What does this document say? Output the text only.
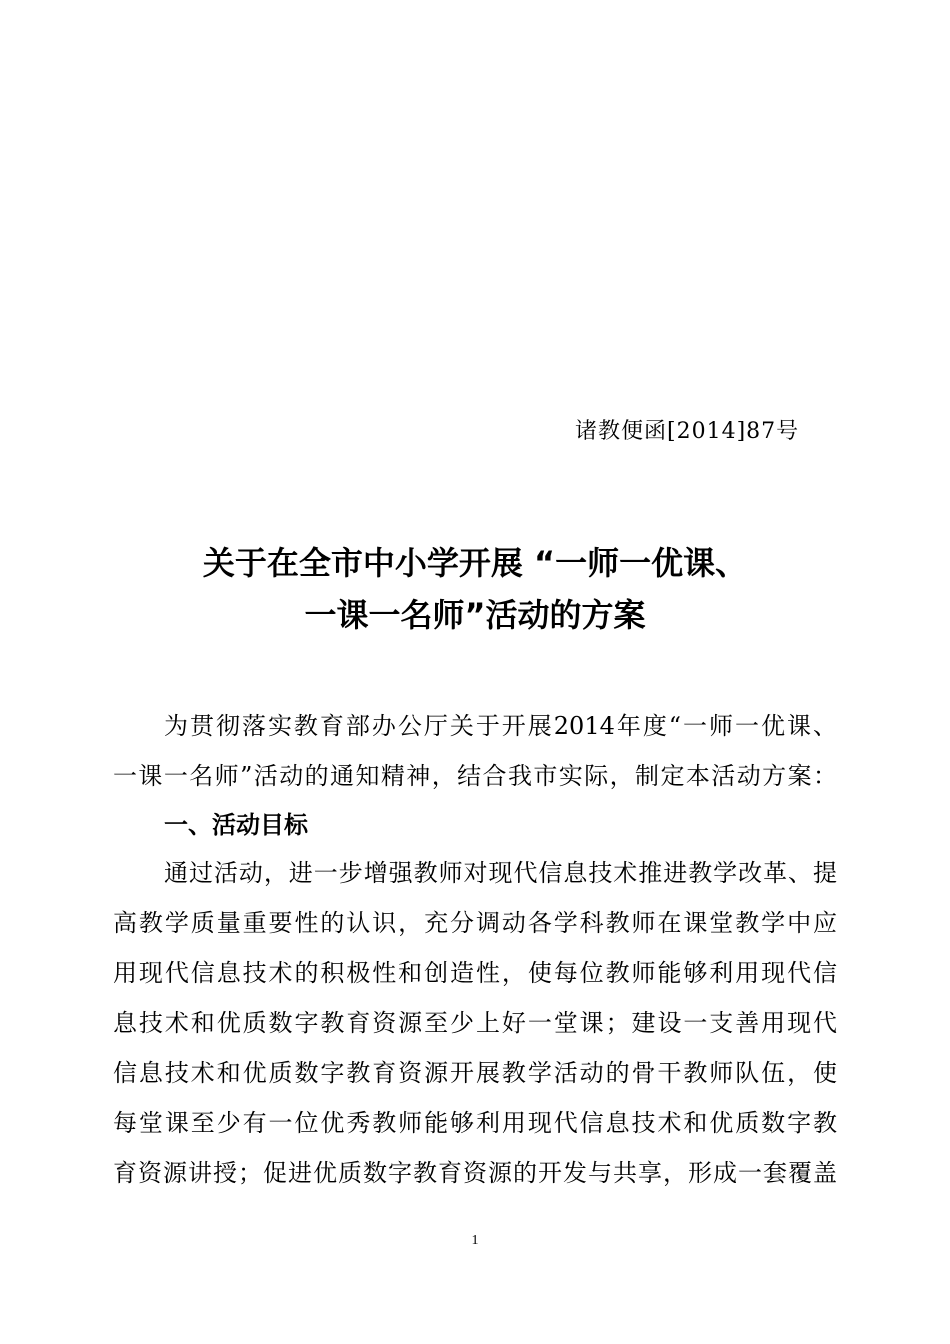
诸教便函[2014]87号
关于在全市中小学开展 “一师一优课、
一课一名师”活动的方案
为贯彻落实教育部办公厅关于开展2014年度“一师一优课、
一课一名师”活动的通知精神，结合我市实际，制定本活动方案：
一、活动目标
通过活动，进一步增强教师对现代信息技术推进教学改革、提
高教学质量重要性的认识，充分调动各学科教师在课堂教学中应
用现代信息技术的积极性和创造性，使每位教师能够利用现代信
息技术和优质数字教育资源至少上好一堂课；建设一支善用现代
信息技术和优质数字教育资源开展教学活动的骨干教师队伍，使
每堂课至少有一位优秀教师能够利用现代信息技术和优质数字教
育资源讲授；促进优质数字教育资源的开发与共享，形成一套覆盖
1
